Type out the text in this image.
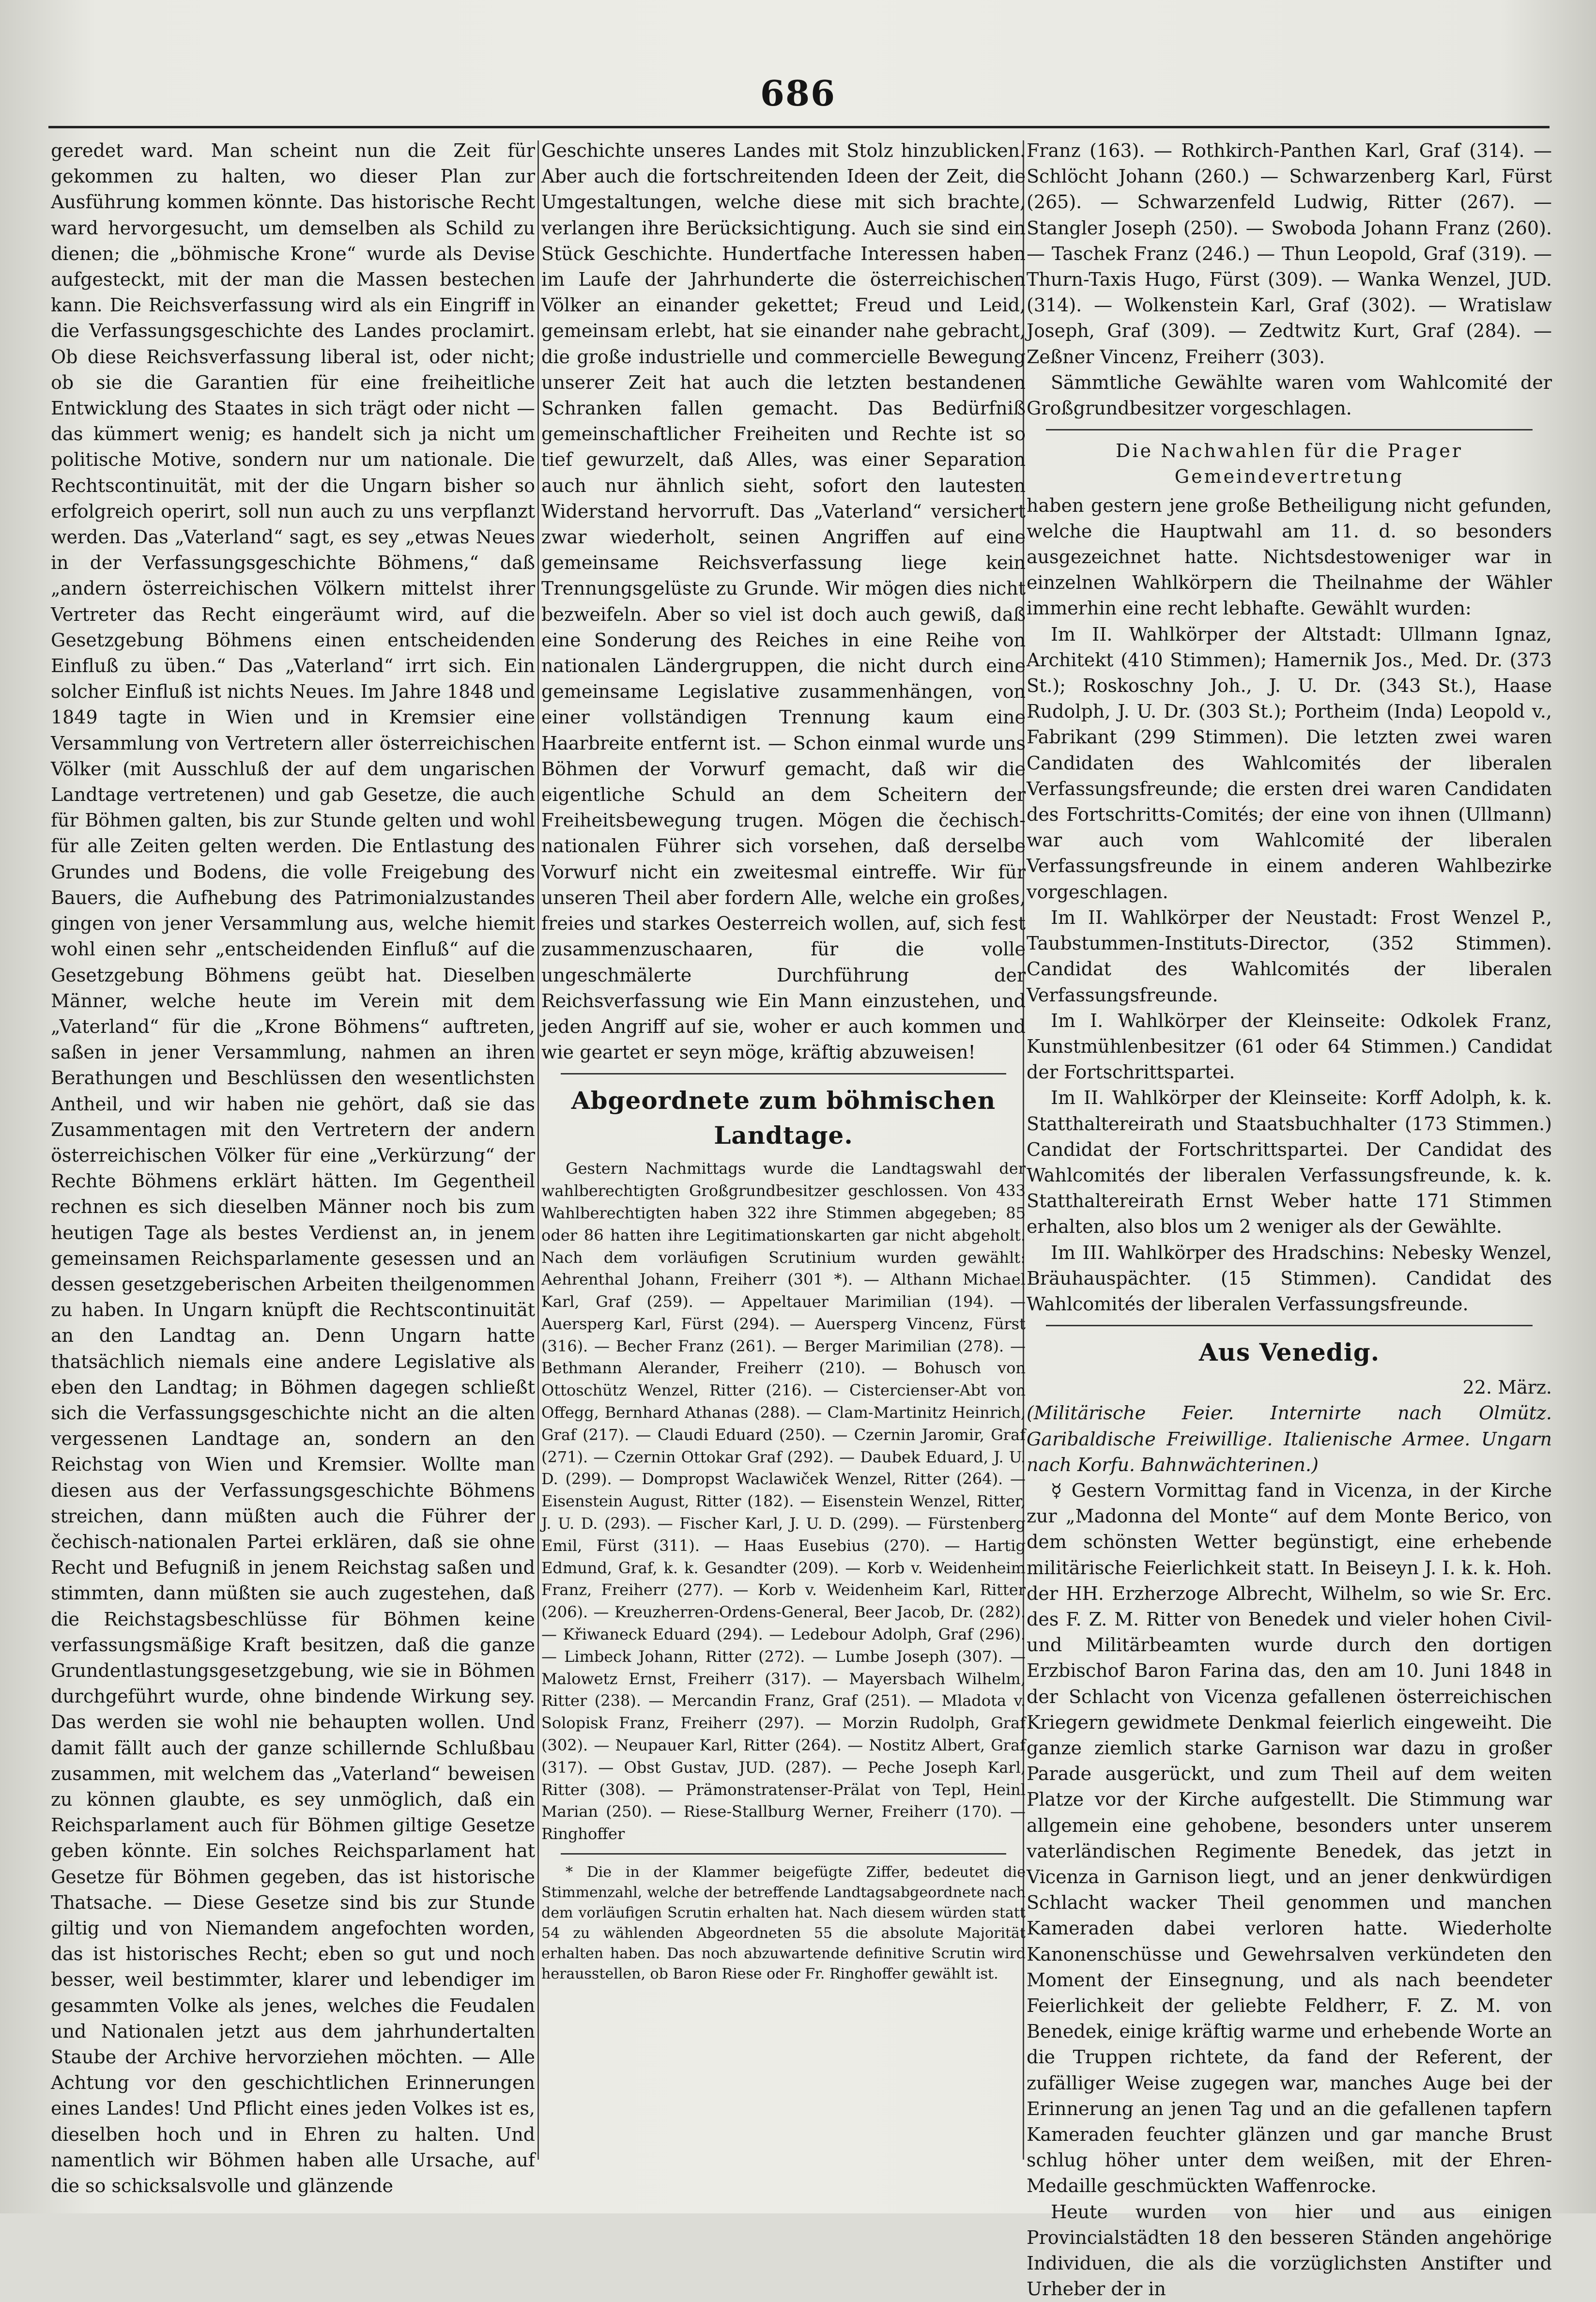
686

geredet ward. Man scheint nun die Zeit für gekommen zu halten, wo dieser Plan zur Ausführung kommen könnte. Das historische Recht ward hervorgesucht, um demselben als Schild zu dienen; die „böhmische Krone“ wurde als Devise aufgesteckt, mit der man die Massen bestechen kann. Die Reichsverfassung wird als ein Eingriff in die Verfassungsgeschichte des Landes proclamirt. Ob diese Reichsverfassung liberal ist, oder nicht; ob sie die Garantien für eine freiheitliche Entwicklung des Staates in sich trägt oder nicht — das kümmert wenig; es handelt sich ja nicht um politische Motive, sondern nur um nationale. Die Rechtscontinuität, mit der die Ungarn bisher so erfolgreich operirt, soll nun auch zu uns verpflanzt werden. Das „Vaterland“ sagt, es sey „etwas Neues in der Verfassungsgeschichte Böhmens,“ daß „andern österreichischen Völkern mittelst ihrer Vertreter das Recht eingeräumt wird, auf die Gesetzgebung Böhmens einen entscheidenden Einfluß zu üben.“ Das „Vaterland“ irrt sich. Ein solcher Einfluß ist nichts Neues. Im Jahre 1848 und 1849 tagte in Wien und in Kremsier eine Versammlung von Vertretern aller österreichischen Völker (mit Ausschluß der auf dem ungarischen Landtage vertretenen) und gab Gesetze, die auch für Böhmen galten, bis zur Stunde gelten und wohl für alle Zeiten gelten werden. Die Entlastung des Grundes und Bodens, die volle Freigebung des Bauers, die Aufhebung des Patrimonialzustandes gingen von jener Versammlung aus, welche hiemit wohl einen sehr „entscheidenden Einfluß“ auf die Gesetzgebung Böhmens geübt hat. Dieselben Männer, welche heute im Verein mit dem „Vaterland“ für die „Krone Böhmens“ auftreten, saßen in jener Versammlung, nahmen an ihren Berathungen und Beschlüssen den wesentlichsten Antheil, und wir haben nie gehört, daß sie das Zusammentagen mit den Vertretern der andern österreichischen Völker für eine „Verkürzung“ der Rechte Böhmens erklärt hätten. Im Gegentheil rechnen es sich dieselben Männer noch bis zum heutigen Tage als bestes Verdienst an, in jenem gemeinsamen Reichsparlamente gesessen und an dessen gesetzgeberischen Arbeiten theilgenommen zu haben. In Ungarn knüpft die Rechtscontinuität an den Landtag an. Denn Ungarn hatte thatsächlich niemals eine andere Legislative als eben den Landtag; in Böhmen dagegen schließt sich die Verfassungsgeschichte nicht an die alten vergessenen Landtage an, sondern an den Reichstag von Wien und Kremsier. Wollte man diesen aus der Verfassungsgeschichte Böhmens streichen, dann müßten auch die Führer der čechisch-nationalen Partei erklären, daß sie ohne Recht und Befugniß in jenem Reichstag saßen und stimmten, dann müßten sie auch zugestehen, daß die Reichstagsbeschlüsse für Böhmen keine verfassungsmäßige Kraft besitzen, daß die ganze Grundentlastungsgesetzgebung, wie sie in Böhmen durchgeführt wurde, ohne bindende Wirkung sey. Das werden sie wohl nie behaupten wollen. Und damit fällt auch der ganze schillernde Schlußbau zusammen, mit welchem das „Vaterland“ beweisen zu können glaubte, es sey unmöglich, daß ein Reichsparlament auch für Böhmen giltige Gesetze geben könnte. Ein solches Reichsparlament hat Gesetze für Böhmen gegeben, das ist historische Thatsache. — Diese Gesetze sind bis zur Stunde giltig und von Niemandem angefochten worden, das ist historisches Recht; eben so gut und noch besser, weil bestimmter, klarer und lebendiger im gesammten Volke als jenes, welches die Feudalen und Nationalen jetzt aus dem jahrhundertalten Staube der Archive hervorziehen möchten. — Alle Achtung vor den geschichtlichen Erinnerungen eines Landes! Und Pflicht eines jeden Volkes ist es, dieselben hoch und in Ehren zu halten. Und namentlich wir Böhmen haben alle Ursache, auf die so schicksalsvolle und glänzende

Geschichte unseres Landes mit Stolz hinzublicken. Aber auch die fortschreitenden Ideen der Zeit, die Umgestaltungen, welche diese mit sich brachte, verlangen ihre Berücksichtigung. Auch sie sind ein Stück Geschichte. Hundertfache Interessen haben im Laufe der Jahrhunderte die österreichischen Völker an einander gekettet; Freud und Leid, gemeinsam erlebt, hat sie einander nahe gebracht, die große industrielle und commercielle Bewegung unserer Zeit hat auch die letzten bestandenen Schranken fallen gemacht. Das Bedürfniß gemeinschaftlicher Freiheiten und Rechte ist so tief gewurzelt, daß Alles, was einer Separation auch nur ähnlich sieht, sofort den lautesten Widerstand hervorruft. Das „Vaterland“ versichert zwar wiederholt, seinen Angriffen auf eine gemeinsame Reichsverfassung liege kein Trennungsgelüste zu Grunde. Wir mögen dies nicht bezweifeln. Aber so viel ist doch auch gewiß, daß eine Sonderung des Reiches in eine Reihe von nationalen Ländergruppen, die nicht durch eine gemeinsame Legislative zusammenhängen, von einer vollständigen Trennung kaum eine Haarbreite entfernt ist. — Schon einmal wurde uns Böhmen der Vorwurf gemacht, daß wir die eigentliche Schuld an dem Scheitern der Freiheitsbewegung trugen. Mögen die čechisch-nationalen Führer sich vorsehen, daß derselbe Vorwurf nicht ein zweitesmal eintreffe. Wir für unseren Theil aber fordern Alle, welche ein großes, freies und starkes Oesterreich wollen, auf, sich fest zusammenzuschaaren, für die volle ungeschmälerte Durchführung der Reichsverfassung wie Ein Mann einzustehen, und jeden Angriff auf sie, woher er auch kommen und wie geartet er seyn möge, kräftig abzuweisen!

Abgeordnete zum böhmischen Landtage.

Gestern Nachmittags wurde die Landtagswahl der wahlberechtigten Großgrundbesitzer geschlossen. Von 433 Wahlberechtigten haben 322 ihre Stimmen abgegeben; 85 oder 86 hatten ihre Legitimationskarten gar nicht abgeholt. Nach dem vorläufigen Scrutinium wurden gewählt: Aehrenthal Johann, Freiherr (301 *). — Althann Michael Karl, Graf (259). — Appeltauer Marimilian (194). — Auersperg Karl, Fürst (294). — Auersperg Vincenz, Fürst (316). — Becher Franz (261). — Berger Marimilian (278). — Bethmann Alerander, Freiherr (210). — Bohusch von Ottoschütz Wenzel, Ritter (216). — Cistercienser-Abt von Offegg, Bernhard Athanas (288). — Clam-Martinitz Heinrich, Graf (217). — Claudi Eduard (250). — Czernin Jaromir, Graf (271). — Czernin Ottokar Graf (292). — Daubek Eduard, J. U. D. (299). — Dompropst Waclawiček Wenzel, Ritter (264). — Eisenstein August, Ritter (182). — Eisenstein Wenzel, Ritter, J. U. D. (293). — Fischer Karl, J. U. D. (299). — Fürstenberg Emil, Fürst (311). — Haas Eusebius (270). — Hartig Edmund, Graf, k. k. Gesandter (209). — Korb v. Weidenheim Franz, Freiherr (277). — Korb v. Weidenheim Karl, Ritter (206). — Kreuzherren-Ordens-General, Beer Jacob, Dr. (282). — Křiwaneck Eduard (294). — Ledebour Adolph, Graf (296). — Limbeck Johann, Ritter (272). — Lumbe Joseph (307). — Malowetz Ernst, Freiherr (317). — Mayersbach Wilhelm, Ritter (238). — Mercandin Franz, Graf (251). — Mladota v. Solopisk Franz, Freiherr (297). — Morzin Rudolph, Graf (302). — Neupauer Karl, Ritter (264). — Nostitz Albert, Graf (317). — Obst Gustav, JUD. (287). — Peche Joseph Karl, Ritter (308). — Prämonstratenser-Prälat von Tepl, Heinl Marian (250). — Riese-Stallburg Werner, Freiherr (170). — Ringhoffer

* Die in der Klammer beigefügte Ziffer, bedeutet die Stimmenzahl, welche der betreffende Landtagsabgeordnete nach dem vorläufigen Scrutin erhalten hat. Nach diesem würden statt 54 zu wählenden Abgeordneten 55 die absolute Majorität erhalten haben. Das noch abzuwartende definitive Scrutin wird herausstellen, ob Baron Riese oder Fr. Ringhoffer gewählt ist.

Franz (163). — Rothkirch-Panthen Karl, Graf (314). — Schlöcht Johann (260.) — Schwarzenberg Karl, Fürst (265). — Schwarzenfeld Ludwig, Ritter (267). — Stangler Joseph (250). — Swoboda Johann Franz (260). — Taschek Franz (246.) — Thun Leopold, Graf (319). — Thurn-Taxis Hugo, Fürst (309). — Wanka Wenzel, JUD. (314). — Wolkenstein Karl, Graf (302). — Wratislaw Joseph, Graf (309). — Zedtwitz Kurt, Graf (284). — Zeßner Vincenz, Freiherr (303).

Sämmtliche Gewählte waren vom Wahlcomité der Großgrundbesitzer vorgeschlagen.

Die Nachwahlen für die Prager Gemeindevertretung

haben gestern jene große Betheiligung nicht gefunden, welche die Hauptwahl am 11. d. so besonders ausgezeichnet hatte. Nichtsdestoweniger war in einzelnen Wahlkörpern die Theilnahme der Wähler immerhin eine recht lebhafte. Gewählt wurden:

Im II. Wahlkörper der Altstadt: Ullmann Ignaz, Architekt (410 Stimmen); Hamernik Jos., Med. Dr. (373 St.); Roskoschny Joh., J. U. Dr. (343 St.), Haase Rudolph, J. U. Dr. (303 St.); Portheim (Inda) Leopold v., Fabrikant (299 Stimmen). Die letzten zwei waren Candidaten des Wahlcomités der liberalen Verfassungsfreunde; die ersten drei waren Candidaten des Fortschritts-Comités; der eine von ihnen (Ullmann) war auch vom Wahlcomité der liberalen Verfassungsfreunde in einem anderen Wahlbezirke vorgeschlagen.

Im II. Wahlkörper der Neustadt: Frost Wenzel P., Taubstummen-Instituts-Director, (352 Stimmen). Candidat des Wahlcomités der liberalen Verfassungsfreunde.

Im I. Wahlkörper der Kleinseite: Odkolek Franz, Kunstmühlenbesitzer (61 oder 64 Stimmen.) Candidat der Fortschrittspartei.

Im II. Wahlkörper der Kleinseite: Korff Adolph, k. k. Statthaltereirath und Staatsbuchhalter (173 Stimmen.) Candidat der Fortschrittspartei. Der Candidat des Wahlcomités der liberalen Verfassungsfreunde, k. k. Statthaltereirath Ernst Weber hatte 171 Stimmen erhalten, also blos um 2 weniger als der Gewählte.

Im III. Wahlkörper des Hradschins: Nebesky Wenzel, Bräuhauspächter. (15 Stimmen). Candidat des Wahlcomités der liberalen Verfassungsfreunde.

Aus Venedig.

22. März.

(Militärische Feier. Internirte nach Olmütz. Garibaldische Freiwillige. Italienische Armee. Ungarn nach Korfu. Bahnwächterinen.)

☿ Gestern Vormittag fand in Vicenza, in der Kirche zur „Madonna del Monte“ auf dem Monte Berico, von dem schönsten Wetter begünstigt, eine erhebende militärische Feierlichkeit statt. In Beiseyn J. I. k. k. Hoh. der HH. Erzherzoge Albrecht, Wilhelm, so wie Sr. Erc. des F. Z. M. Ritter von Benedek und vieler hohen Civil- und Militärbeamten wurde durch den dortigen Erzbischof Baron Farina das, den am 10. Juni 1848 in der Schlacht von Vicenza gefallenen österreichischen Kriegern gewidmete Denkmal feierlich eingeweiht. Die ganze ziemlich starke Garnison war dazu in großer Parade ausgerückt, und zum Theil auf dem weiten Platze vor der Kirche aufgestellt. Die Stimmung war allgemein eine gehobene, besonders unter unserem vaterländischen Regimente Benedek, das jetzt in Vicenza in Garnison liegt, und an jener denkwürdigen Schlacht wacker Theil genommen und manchen Kameraden dabei verloren hatte. Wiederholte Kanonenschüsse und Gewehrsalven verkündeten den Moment der Einsegnung, und als nach beendeter Feierlichkeit der geliebte Feldherr, F. Z. M. von Benedek, einige kräftig warme und erhebende Worte an die Truppen richtete, da fand der Referent, der zufälliger Weise zugegen war, manches Auge bei der Erinnerung an jenen Tag und an die gefallenen tapfern Kameraden feuchter glänzen und gar manche Brust schlug höher unter dem weißen, mit der Ehren-Medaille geschmückten Waffenrocke.

Heute wurden von hier und aus einigen Provincialstädten 18 den besseren Ständen angehörige Individuen, die als die vorzüglichsten Anstifter und Urheber der in
